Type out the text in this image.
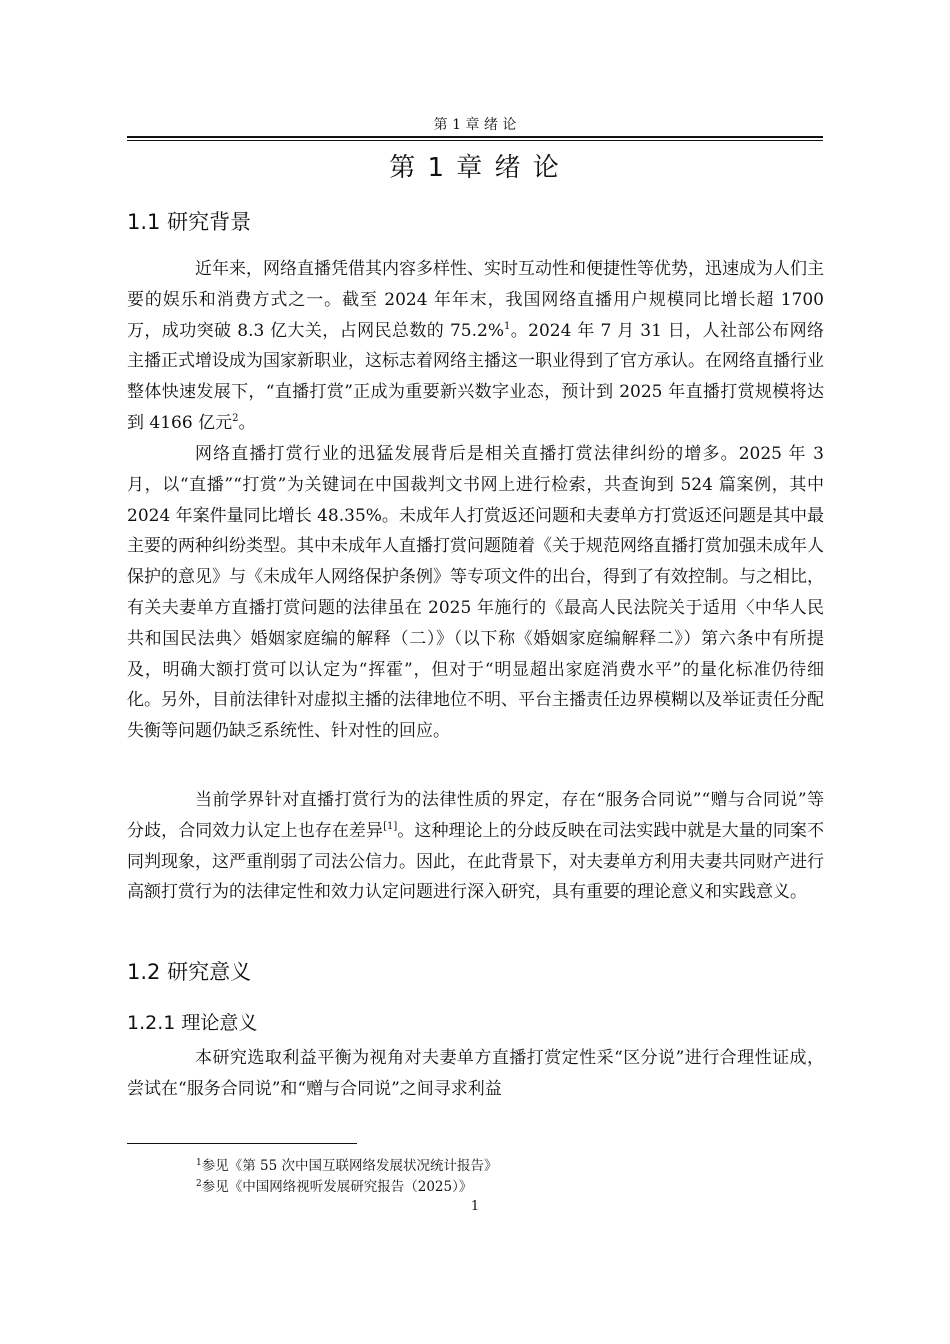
第 1 章 绪 论
第 1 章 绪 论
1.1 研究背景

近年来，网络直播凭借其内容多样性、实时互动性和便捷性等优势，迅速成为人们主要的娱乐和消费方式之一。截至 2024 年年末，我国网络直播用户规模同比增长超 1700 万，成功突破 8.3 亿大关，占网民总数的 75.2%$^1$。2024 年 7 月 31 日，人社部公布网络主播正式增设成为国家新职业，这标志着网络主播这一职业得到了官方承认。在网络直播行业整体快速发展下，“直播打赏”正成为重要新兴数字业态，预计到 2025 年直播打赏规模将达到 4166 亿元$^2$。

网络直播打赏行业的迅猛发展背后是相关直播打赏法律纠纷的增多。2025 年 3 月，以“直播”“打赏”为关键词在中国裁判文书网上进行检索，共查询到 524 篇案例，其中 2024 年案件量同比增长 48.35%。未成年人打赏返还问题和夫妻单方打赏返还问题是其中最主要的两种纠纷类型。其中未成年人直播打赏问题随着《关于规范网络直播打赏加强未成年人保护的意见》与《未成年人网络保护条例》等专项文件的出台，得到了有效控制。与之相比，有关夫妻单方直播打赏问题的法律虽在 2025 年施行的《最高人民法院关于适用〈中华人民共和国民法典〉婚姻家庭编的解释（二）》（以下称《婚姻家庭编解释二》）第六条中有所提及，明确大额打赏可以认定为“挥霍”，但对于“明显超出家庭消费水平”的量化标准仍待细化。另外，目前法律针对虚拟主播的法律地位不明、平台主播责任边界模糊以及举证责任分配失衡等问题仍缺乏系统性、针对性的回应。

当前学界针对直播打赏行为的法律性质的界定，存在“服务合同说”“赠与合同说”等分歧，合同效力认定上也存在差异[1]。这种理论上的分歧反映在司法实践中就是大量的同案不同判现象，这严重削弱了司法公信力。因此，在此背景下，对夫妻单方利用夫妻共同财产进行高额打赏行为的法律定性和效力认定问题进行深入研究，具有重要的理论意义和实践意义。

1.2 研究意义
1.2.1 理论意义

本研究选取利益平衡为视角对夫妻单方直播打赏定性采“区分说”进行合理性证成，尝试在“服务合同说”和“赠与合同说”之间寻求利益

$^1$参见《第 55 次中国互联网络发展状况统计报告》
$^2$参见《中国网络视听发展研究报告（2025）》
1
